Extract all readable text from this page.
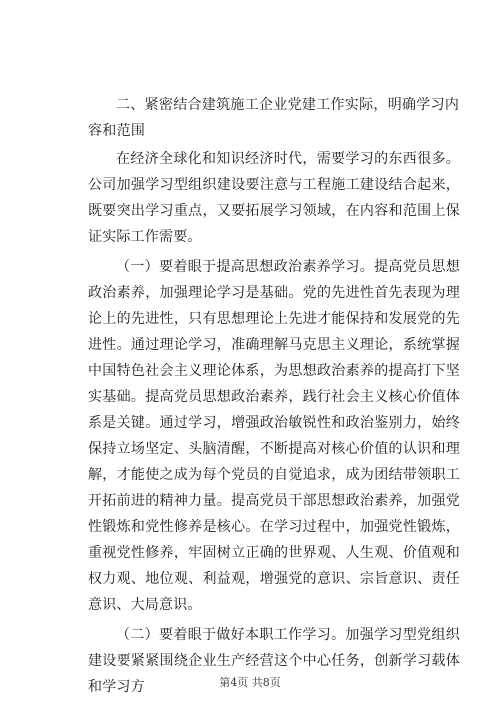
二、紧密结合建筑施工企业党建工作实际，明确学习内容和范围

在经济全球化和知识经济时代，需要学习的东西很多。公司加强学习型组织建设要注意与工程施工建设结合起来，既要突出学习重点，又要拓展学习领域，在内容和范围上保证实际工作需要。

（一）要着眼于提高思想政治素养学习。提高党员思想政治素养，加强理论学习是基础。党的先进性首先表现为理论上的先进性，只有思想理论上先进才能保持和发展党的先进性。通过理论学习，准确理解马克思主义理论，系统掌握中国特色社会主义理论体系，为思想政治素养的提高打下坚实基础。提高党员思想政治素养，践行社会主义核心价值体系是关键。通过学习，增强政治敏锐性和政治鉴别力，始终保持立场坚定、头脑清醒，不断提高对核心价值的认识和理解，才能使之成为每个党员的自觉追求，成为团结带领职工开拓前进的精神力量。提高党员干部思想政治素养，加强党性锻炼和党性修养是核心。在学习过程中，加强党性锻炼，重视党性修养，牢固树立正确的世界观、人生观、价值观和权力观、地位观、利益观，增强党的意识、宗旨意识、责任意识、大局意识。

（二）要着眼于做好本职工作学习。加强学习型党组织建设要紧紧围绕企业生产经营这个中心任务，创新学习载体和学习方	第4页 共8页
